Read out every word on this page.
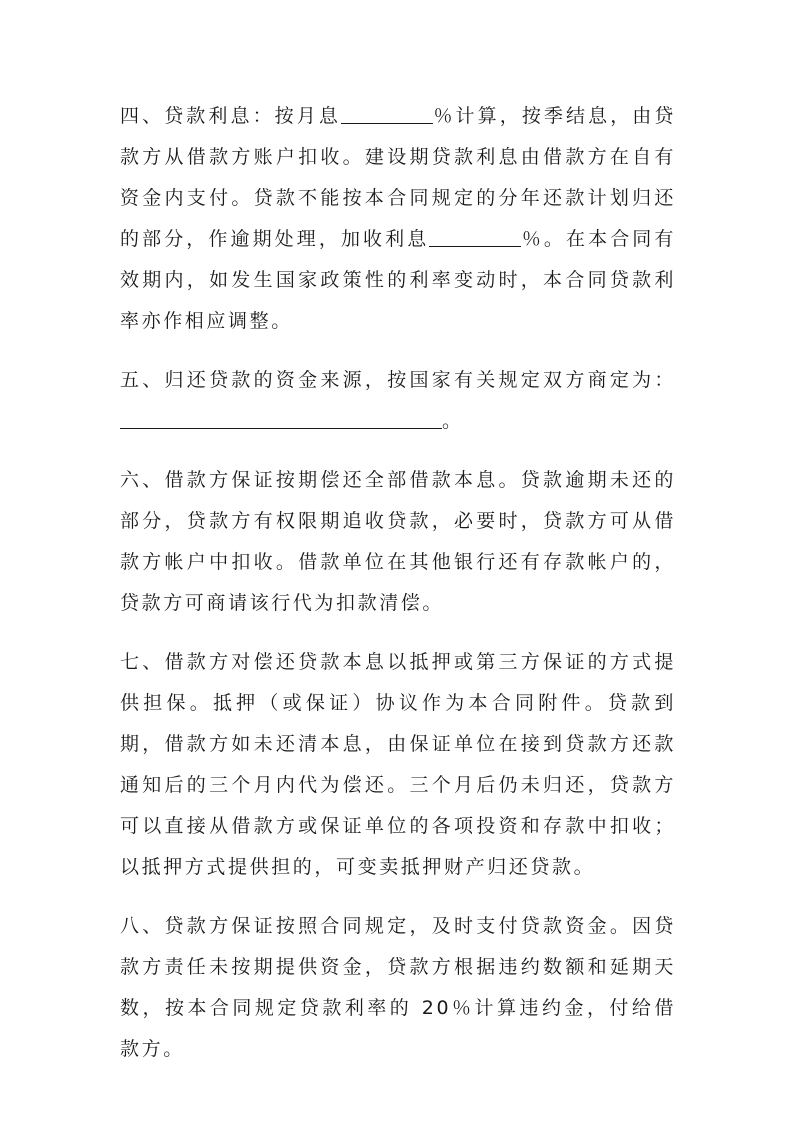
四、贷款利息：按月息	％计算，按季结息，由贷款方从借款方账户扣收。建设期贷款利息由借款方在自有资金内支付。贷款不能按本合同规定的分年还款计划归还的部分，作逾期处理，加收利息	％。在本合同有效期内，如发生国家政策性的利率变动时，本合同贷款利率亦作相应调整。

五、归还贷款的资金来源，按国家有关规定双方商定为：。

六、借款方保证按期偿还全部借款本息。贷款逾期未还的部分，贷款方有权限期追收贷款，必要时，贷款方可从借款方帐户中扣收。借款单位在其他银行还有存款帐户的，贷款方可商请该行代为扣款清偿。

七、借款方对偿还贷款本息以抵押或第三方保证的方式提供担保。抵押（或保证）协议作为本合同附件。贷款到期，借款方如未还清本息，由保证单位在接到贷款方还款通知后的三个月内代为偿还。三个月后仍未归还，贷款方可以直接从借款方或保证单位的各项投资和存款中扣收；以抵押方式提供担的，可变卖抵押财产归还贷款。

八、贷款方保证按照合同规定，及时支付贷款资金。因贷款方责任未按期提供资金，贷款方根据违约数额和延期天数，按本合同规定贷款利率的 20％计算违约金，付给借款方。
